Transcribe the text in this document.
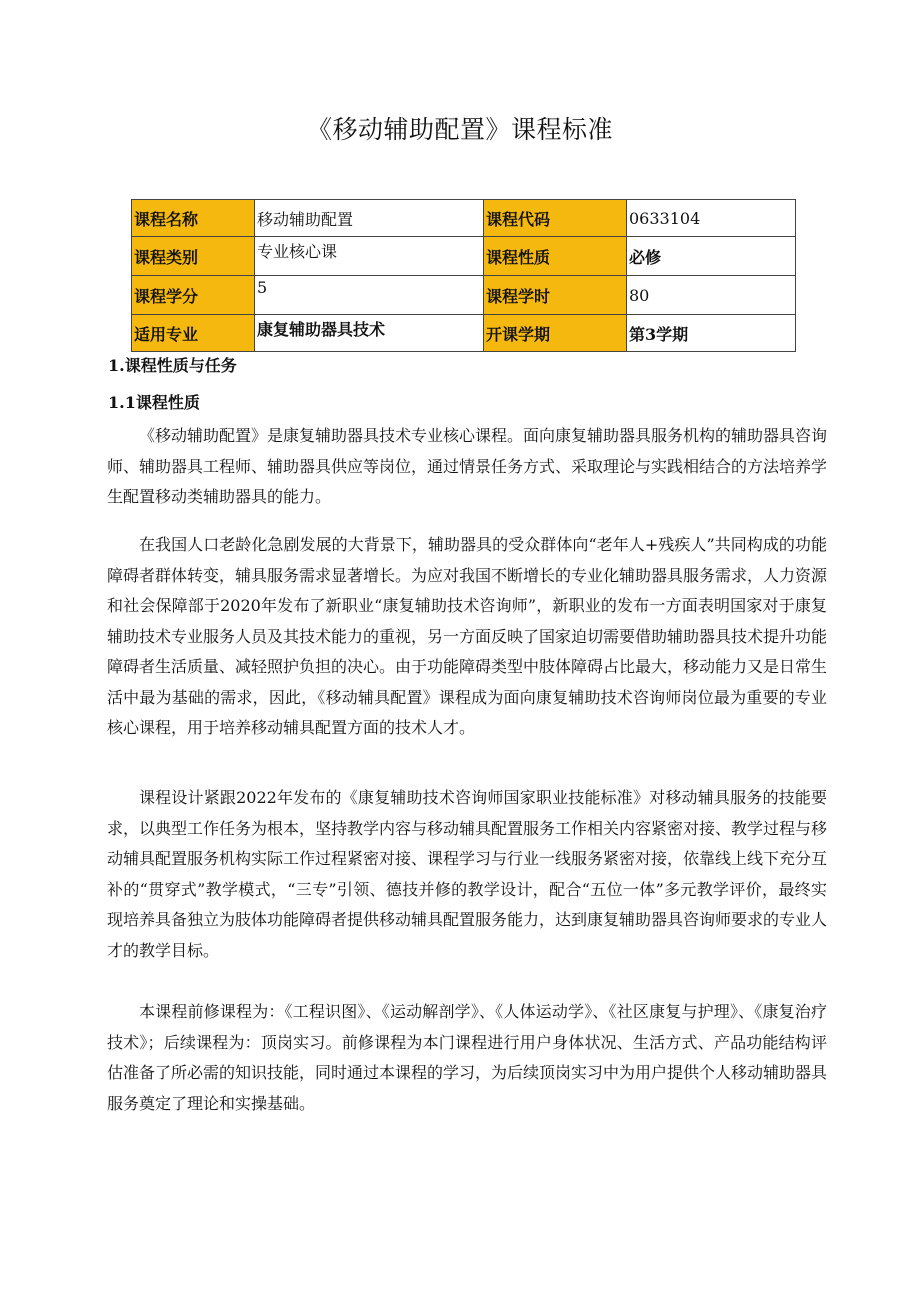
《移动辅助配置》课程标准
课程名称	移动辅助配置	课程代码	0633104
课程类别	专业核心课	课程性质	必修
课程学分	5	课程学时	80
适用专业	康复辅助器具技术	开课学期	第3学期
1.课程性质与任务
1.1课程性质

《移动辅助配置》是康复辅助器具技术专业核心课程。面向康复辅助器具服务机构的辅助器具咨询师、辅助器具工程师、辅助器具供应等岗位，通过情景任务方式、采取理论与实践相结合的方法培养学生配置移动类辅助器具的能力。

在我国人口老龄化急剧发展的大背景下，辅助器具的受众群体向“老年人+残疾人”共同构成的功能障碍者群体转变，辅具服务需求显著增长。为应对我国不断增长的专业化辅助器具服务需求，人力资源和社会保障部于2020年发布了新职业“康复辅助技术咨询师”，新职业的发布一方面表明国家对于康复辅助技术专业服务人员及其技术能力的重视，另一方面反映了国家迫切需要借助辅助器具技术提升功能障碍者生活质量、减轻照护负担的决心。由于功能障碍类型中肢体障碍占比最大，移动能力又是日常生活中最为基础的需求，因此，《移动辅具配置》课程成为面向康复辅助技术咨询师岗位最为重要的专业核心课程，用于培养移动辅具配置方面的技术人才。

课程设计紧跟2022年发布的《康复辅助技术咨询师国家职业技能标准》对移动辅具服务的技能要求，以典型工作任务为根本，坚持教学内容与移动辅具配置服务工作相关内容紧密对接、教学过程与移动辅具配置服务机构实际工作过程紧密对接、课程学习与行业一线服务紧密对接，依靠线上线下充分互补的“贯穿式”教学模式，“三专”引领、德技并修的教学设计，配合“五位一体”多元教学评价，最终实现培养具备独立为肢体功能障碍者提供移动辅具配置服务能力，达到康复辅助器具咨询师要求的专业人才的教学目标。

本课程前修课程为：《工程识图》、《运动解剖学》、《人体运动学》、《社区康复与护理》、《康复治疗技术》；后续课程为：顶岗实习。前修课程为本门课程进行用户身体状况、生活方式、产品功能结构评估准备了所必需的知识技能，同时通过本课程的学习，为后续顶岗实习中为用户提供个人移动辅助器具服务奠定了理论和实操基础。
